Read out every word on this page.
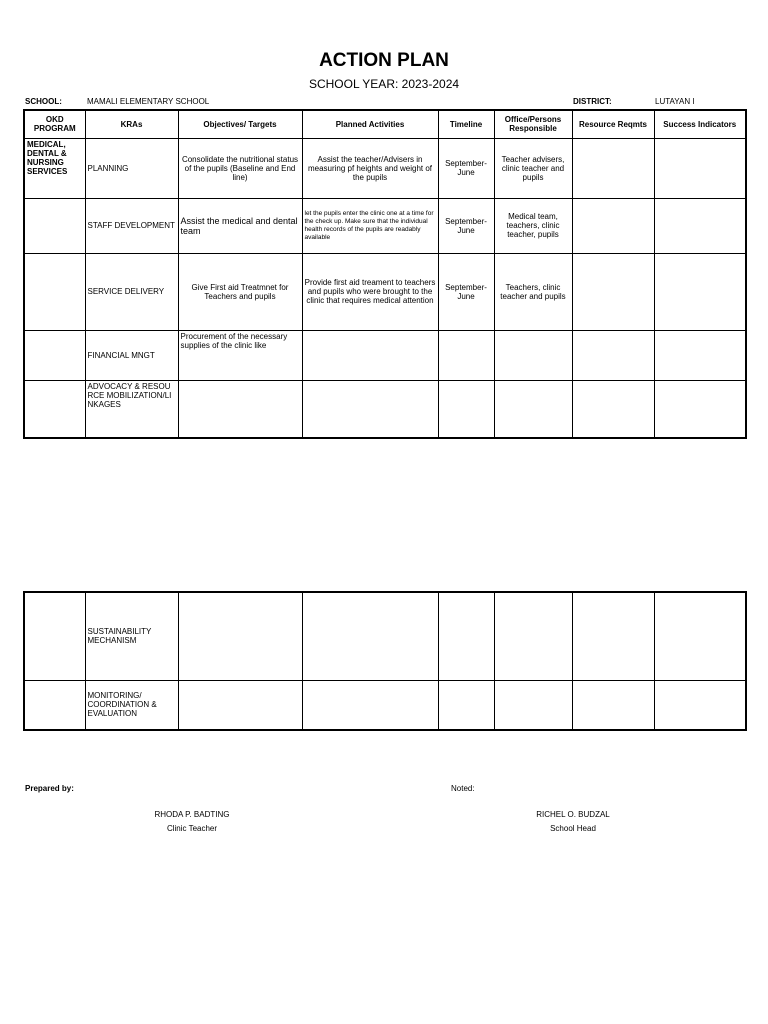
ACTION PLAN
SCHOOL YEAR: 2023-2024
SCHOOL:	MAMALI ELEMENTARY SCHOOL	DISTRICT:	LUTAYAN I
OKD PROGRAM	KRAs	Objectives/ Targets	Planned Activities	Timeline	Office/Persons Responsible	Resource Reqmts	Success Indicators
MEDICAL, DENTAL & NURSING SERVICES	PLANNING	Consolidate the nutritional status of the pupils (Baseline and End line)	Assist the teacher/Advisers in measuring pf heights and weight of the pupils	September-June	Teacher advisers, clinic teacher and pupils		
	STAFF DEVELOPMENT	Assist the medical and dental team	let the pupils enter the clinic one at a time for the check up. Make sure that the individual health records of the pupils are readably available	September-June	Medical team, teachers, clinic teacher, pupils		
	SERVICE DELIVERY	Give First aid Treatmnet for Teachers and pupils	Provide first aid treament to teachers and pupils who were brought to the clinic that requires medical attention	September-June	Teachers, clinic teacher and pupils		
	FINANCIAL MNGT	Procurement of the necessary supplies of the clinic like					
	ADVOCACY & RESOURCE MOBILIZATION/LINKAGES						
	SUSTAINABILITY MECHANISM						
	MONITORING/ COORDINATION & EVALUATION						
Prepared by:	Noted:
RHODA P. BADTING
Clinic Teacher
RICHEL O. BUDZAL
School Head
